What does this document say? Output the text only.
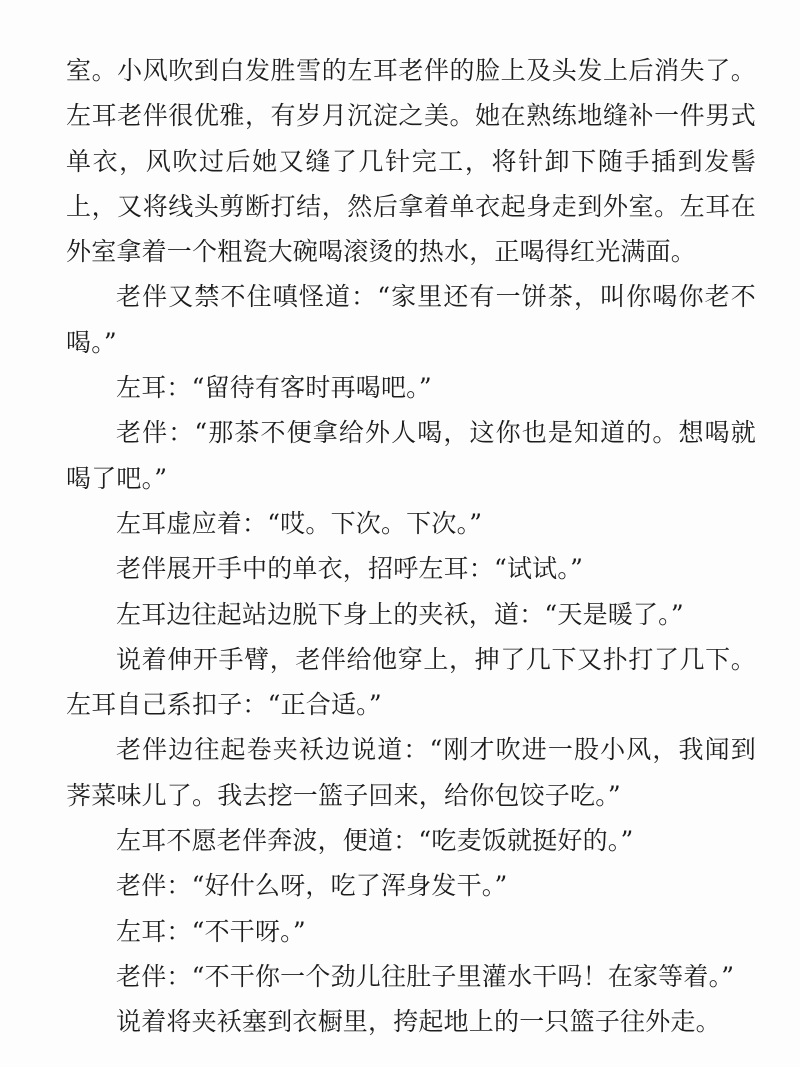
室。小风吹到白发胜雪的左耳老伴的脸上及头发上后消失了。左耳老伴很优雅，有岁月沉淀之美。她在熟练地缝补一件男式单衣，风吹过后她又缝了几针完工，将针卸下随手插到发髻上，又将线头剪断打结，然后拿着单衣起身走到外室。左耳在外室拿着一个粗瓷大碗喝滚烫的热水，正喝得红光满面。

老伴又禁不住嗔怪道：“家里还有一饼茶，叫你喝你老不喝。”

左耳：“留待有客时再喝吧。”

老伴：“那茶不便拿给外人喝，这你也是知道的。想喝就喝了吧。”

左耳虚应着：“哎。下次。下次。”

老伴展开手中的单衣，招呼左耳：“试试。”

左耳边往起站边脱下身上的夹袄，道：“天是暖了。”

说着伸开手臂，老伴给他穿上，抻了几下又扑打了几下。左耳自己系扣子：“正合适。”

老伴边往起卷夹袄边说道：“刚才吹进一股小风，我闻到荠菜味儿了。我去挖一篮子回来，给你包饺子吃。”

左耳不愿老伴奔波，便道：“吃麦饭就挺好的。”

老伴：“好什么呀，吃了浑身发干。”

左耳：“不干呀。”

老伴：“不干你一个劲儿往肚子里灌水干吗！在家等着。”

说着将夹袄塞到衣橱里，挎起地上的一只篮子往外走。
